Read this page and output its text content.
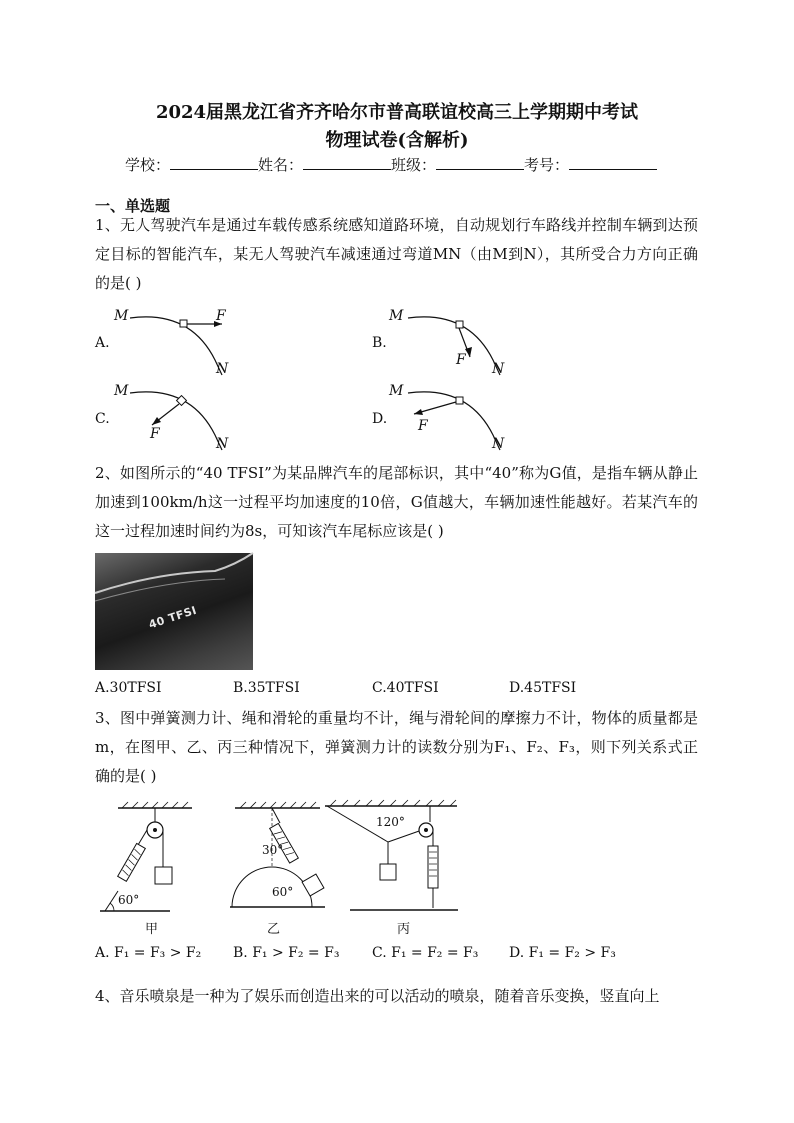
2024届黑龙江省齐齐哈尔市普高联谊校高三上学期期中考试
物理试卷(含解析)
学校：	姓名：	班级：	考号：
一、单选题
1、无人驾驶汽车是通过车载传感系统感知道路环境，自动规划行车路线并控制车辆到达预定目标的智能汽车，某无人驾驶汽车减速通过弯道MN（由M到N），其所受合力方向正确的是( )
A.	B.
C.	D.
M	F
N
M
F
N
M
F
N
M
F
N
2、如图所示的“40 TFSI”为某品牌汽车的尾部标识，其中“40”称为G值，是指车辆从静止加速到100km/h这一过程平均加速度的10倍，G值越大，车辆加速性能越好。若某汽车的这一过程加速时间约为8s，可知该汽车尾标应该是( )
40 TFSI
A.30TFSI	B.35TFSI	C.40TFSI	D.45TFSI
3、图中弹簧测力计、绳和滑轮的重量均不计，绳与滑轮间的摩擦力不计，物体的质量都是m，在图甲、乙、丙三种情况下，弹簧测力计的读数分别为F₁、F₂、F₃，则下列关系式正确的是( )
60°
30°
60°
120°
甲	乙	丙
A. F₁ = F₃ > F₂ B. F₁ > F₂ = F₃ C. F₁ = F₂ = F₃ D. F₁ = F₂ > F₃
4、音乐喷泉是一种为了娱乐而创造出来的可以活动的喷泉，随着音乐变换，竖直向上
